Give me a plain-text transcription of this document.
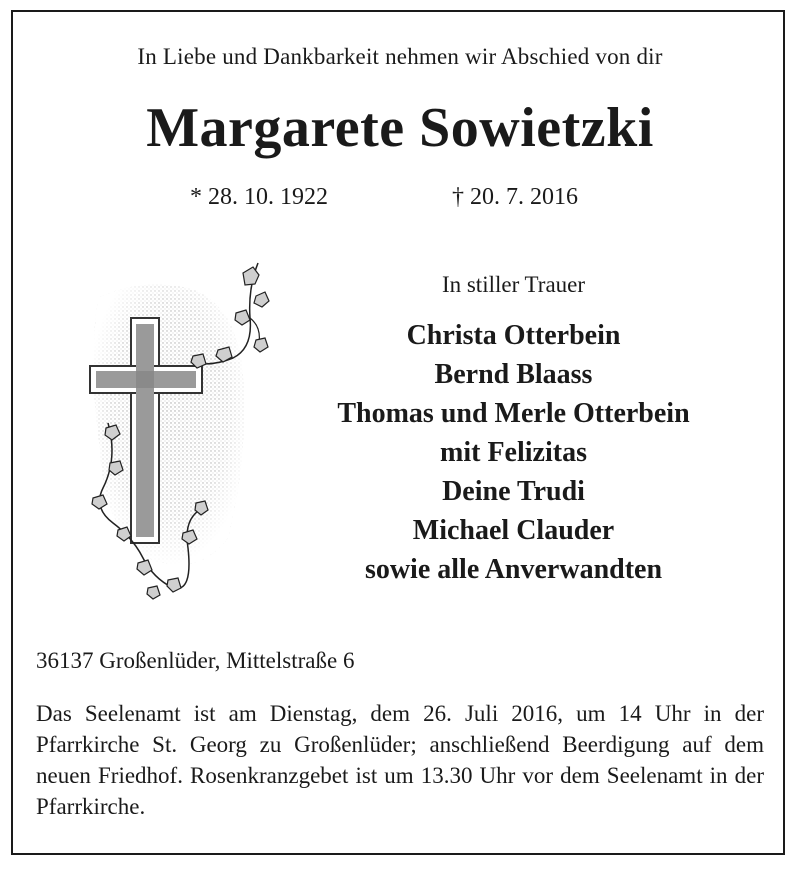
In Liebe und Dankbarkeit nehmen wir Abschied von dir
Margarete Sowietzki
* 28. 10. 1922	† 20. 7. 2016
In stiller Trauer
Christa Otterbein
Bernd Blaass
Thomas und Merle Otterbein
mit Felizitas
Deine Trudi
Michael Clauder
sowie alle Anverwandten
36137 Großenlüder, Mittelstraße 6
Das Seelenamt ist am Dienstag, dem 26. Juli 2016, um 14 Uhr in der Pfarrkirche St. Georg zu Großenlüder; anschließend Beerdigung auf dem neuen Friedhof. Rosenkranzgebet ist um 13.30 Uhr vor dem Seelenamt in der Pfarrkirche.
